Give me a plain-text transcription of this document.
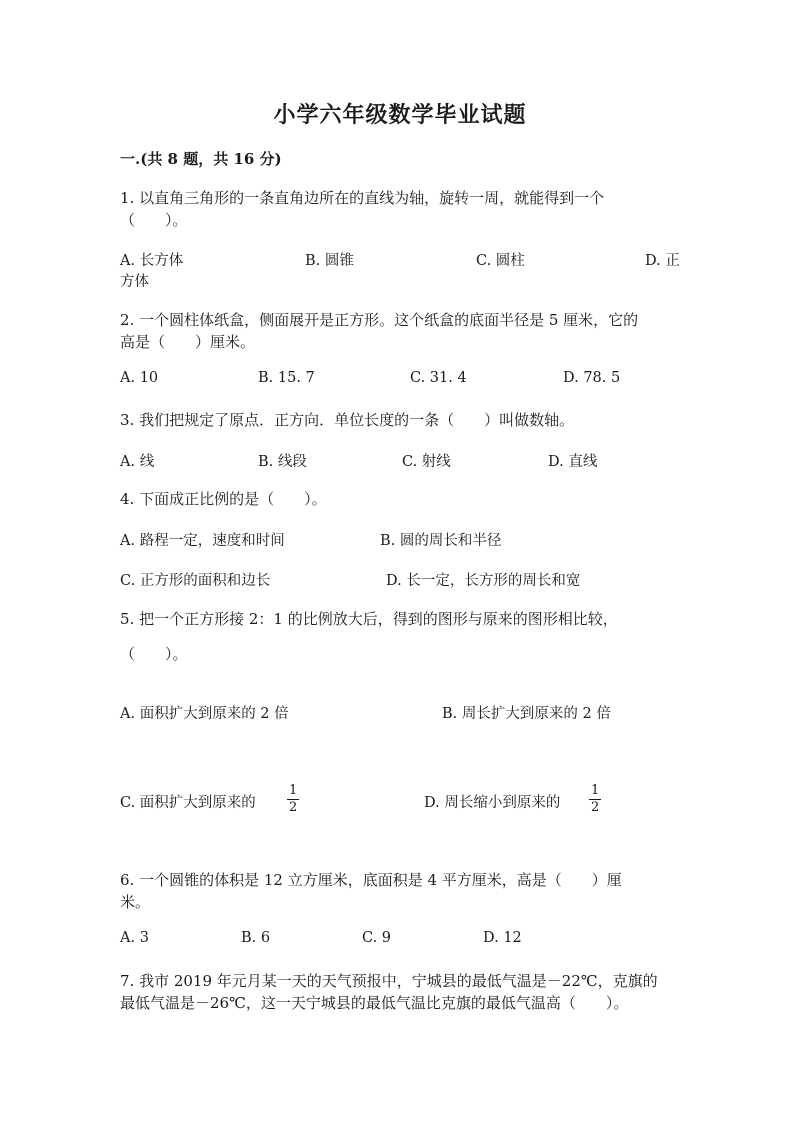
小学六年级数学毕业试题
一.(共 8 题，共 16 分)
1. 以直角三角形的一条直角边所在的直线为轴，旋转一周，就能得到一个
（　　）。
A. 长方体	B. 圆锥	C. 圆柱	D. 正
方体
2. 一个圆柱体纸盒，侧面展开是正方形。这个纸盒的底面半径是 5 厘米，它的
高是（　　）厘米。
A. 10	B. 15. 7	C. 31. 4	D. 78. 5
3. 我们把规定了原点．正方向．单位长度的一条（　　）叫做数轴。
A. 线	B. 线段	C. 射线	D. 直线
4. 下面成正比例的是（　　）。
A. 路程一定，速度和时间	B. 圆的周长和半径
C. 正方形的面积和边长	D. 长一定，长方形的周长和宽
5. 把一个正方形接 2：1 的比例放大后，得到的图形与原来的图形相比较，
（　　）。
A. 面积扩大到原来的 2 倍	B. 周长扩大到原来的 2 倍
C. 面积扩大到原来的 $\frac{1}{2}$	D. 周长缩小到原来的 $\frac{1}{2}$
6. 一个圆锥的体积是 12 立方厘米，底面积是 4 平方厘米，高是（　　）厘
米。
A. 3	B. 6	C. 9	D. 12
7. 我市 2019 年元月某一天的天气预报中，宁城县的最低气温是－22℃，克旗的
最低气温是－26℃，这一天宁城县的最低气温比克旗的最低气温高（　　）。
